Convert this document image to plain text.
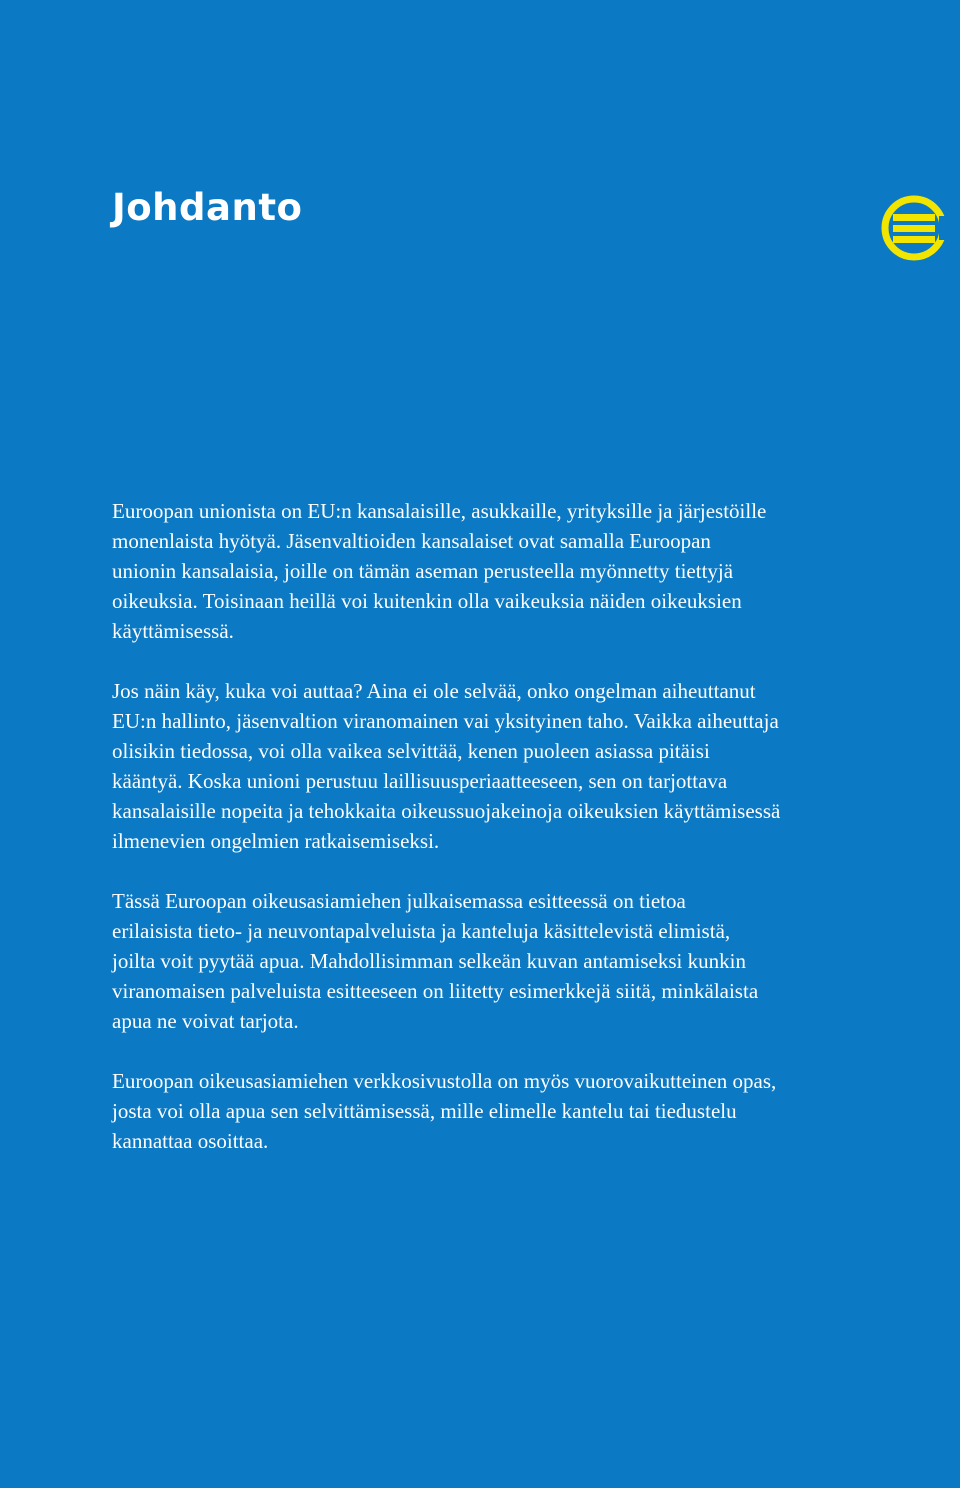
Johdanto

Euroopan unionista on EU:n kansalaisille, asukkaille, yrityksille ja järjestöille
monenlaista hyötyä. Jäsenvaltioiden kansalaiset ovat samalla Euroopan
unionin kansalaisia, joille on tämän aseman perusteella myönnetty tiettyjä
oikeuksia. Toisinaan heillä voi kuitenkin olla vaikeuksia näiden oikeuksien
käyttämisessä.

Jos näin käy, kuka voi auttaa? Aina ei ole selvää, onko ongelman aiheuttanut
EU:n hallinto, jäsenvaltion viranomainen vai yksityinen taho. Vaikka aiheuttaja
olisikin tiedossa, voi olla vaikea selvittää, kenen puoleen asiassa pitäisi
kääntyä. Koska unioni perustuu laillisuusperiaatteeseen, sen on tarjottava
kansalaisille nopeita ja tehokkaita oikeussuojakeinoja oikeuksien käyttämisessä
ilmenevien ongelmien ratkaisemiseksi.

Tässä Euroopan oikeusasiamiehen julkaisemassa esitteessä on tietoa
erilaisista tieto- ja neuvontapalveluista ja kanteluja käsittelevistä elimistä,
joilta voit pyytää apua. Mahdollisimman selkeän kuvan antamiseksi kunkin
viranomaisen palveluista esitteeseen on liitetty esimerkkejä siitä, minkälaista
apua ne voivat tarjota.

Euroopan oikeusasiamiehen verkkosivustolla on myös vuorovaikutteinen opas,
josta voi olla apua sen selvittämisessä, mille elimelle kantelu tai tiedustelu
kannattaa osoittaa.
